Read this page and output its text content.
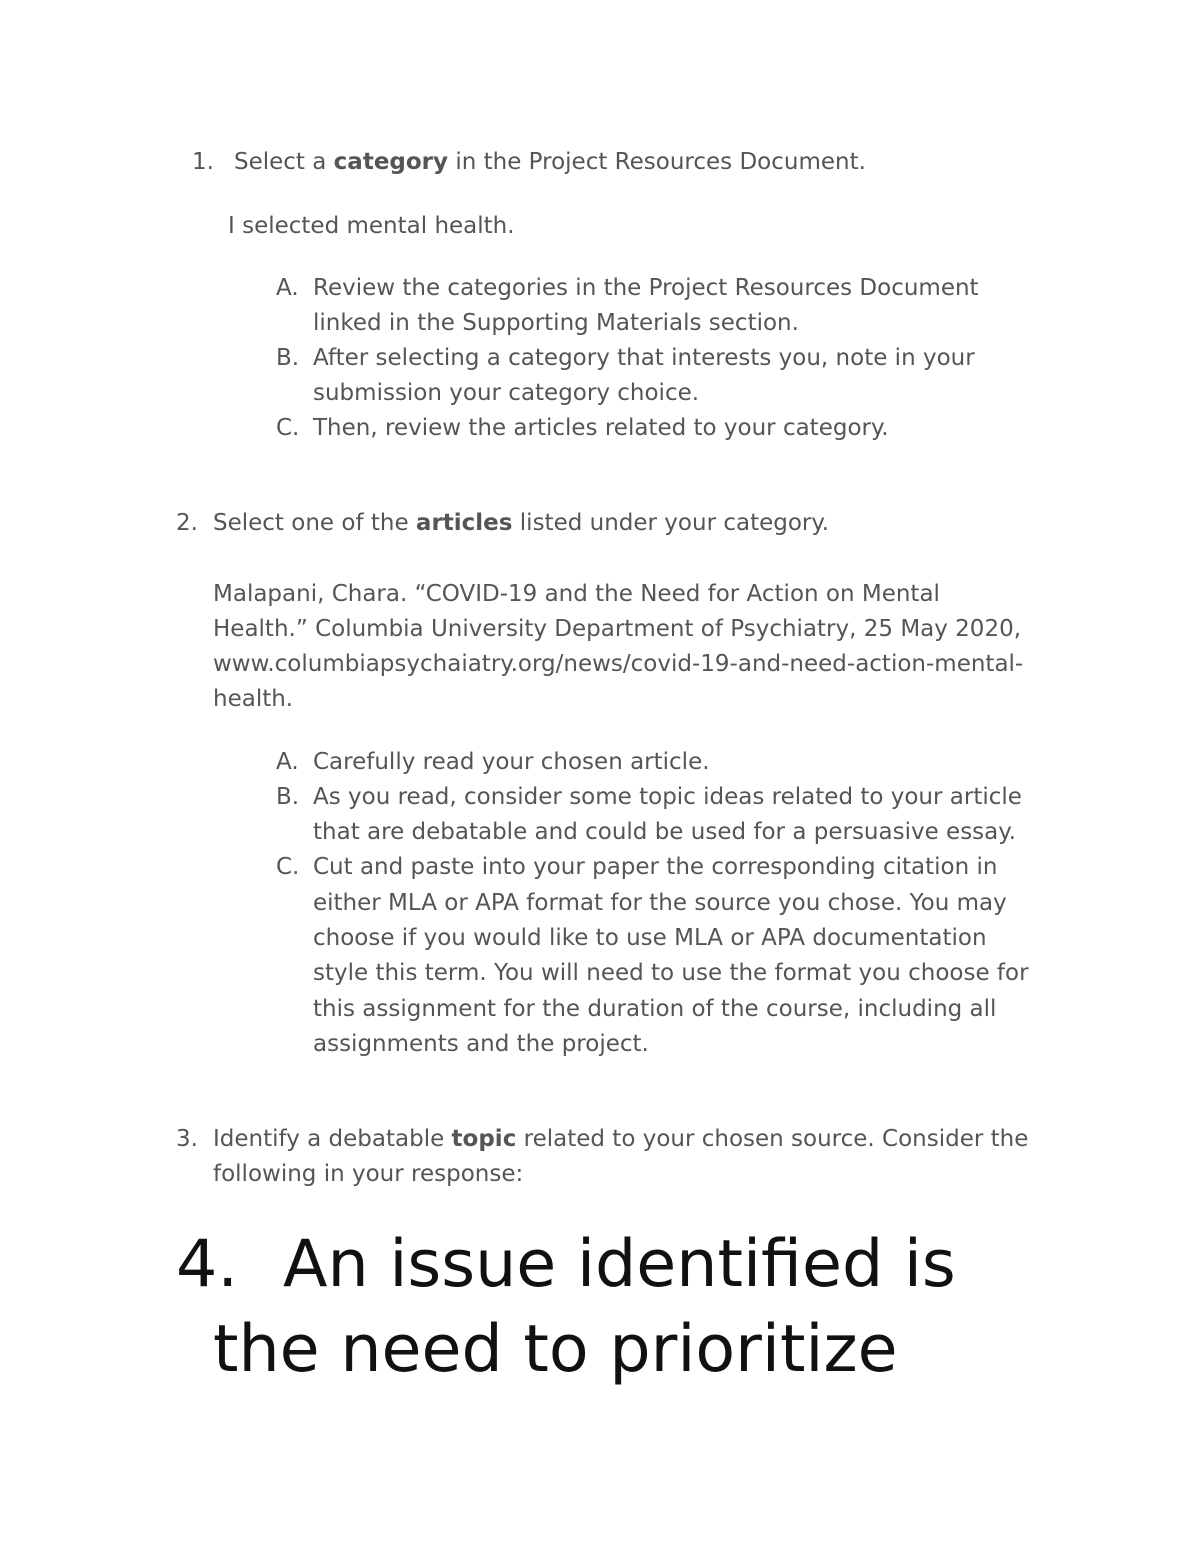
1. Select a category in the Project Resources Document.
I selected mental health.
A. Review the categories in the Project Resources Document
linked in the Supporting Materials section.
B. After selecting a category that interests you, note in your
submission your category choice.
C. Then, review the articles related to your category.
2. Select one of the articles listed under your category.
Malapani, Chara. “COVID-19 and the Need for Action on Mental
Health.” Columbia University Department of Psychiatry, 25 May 2020,
www.columbiapsychaiatry.org/news/covid-19-and-need-action-mental-
health.
A. Carefully read your chosen article.
B. As you read, consider some topic ideas related to your article
that are debatable and could be used for a persuasive essay.
C. Cut and paste into your paper the corresponding citation in
either MLA or APA format for the source you chose. You may
choose if you would like to use MLA or APA documentation
style this term. You will need to use the format you choose for
this assignment for the duration of the course, including all
assignments and the project.
3. Identify a debatable topic related to your chosen source. Consider the
following in your response:
4. An issue identified is
the need to prioritize
